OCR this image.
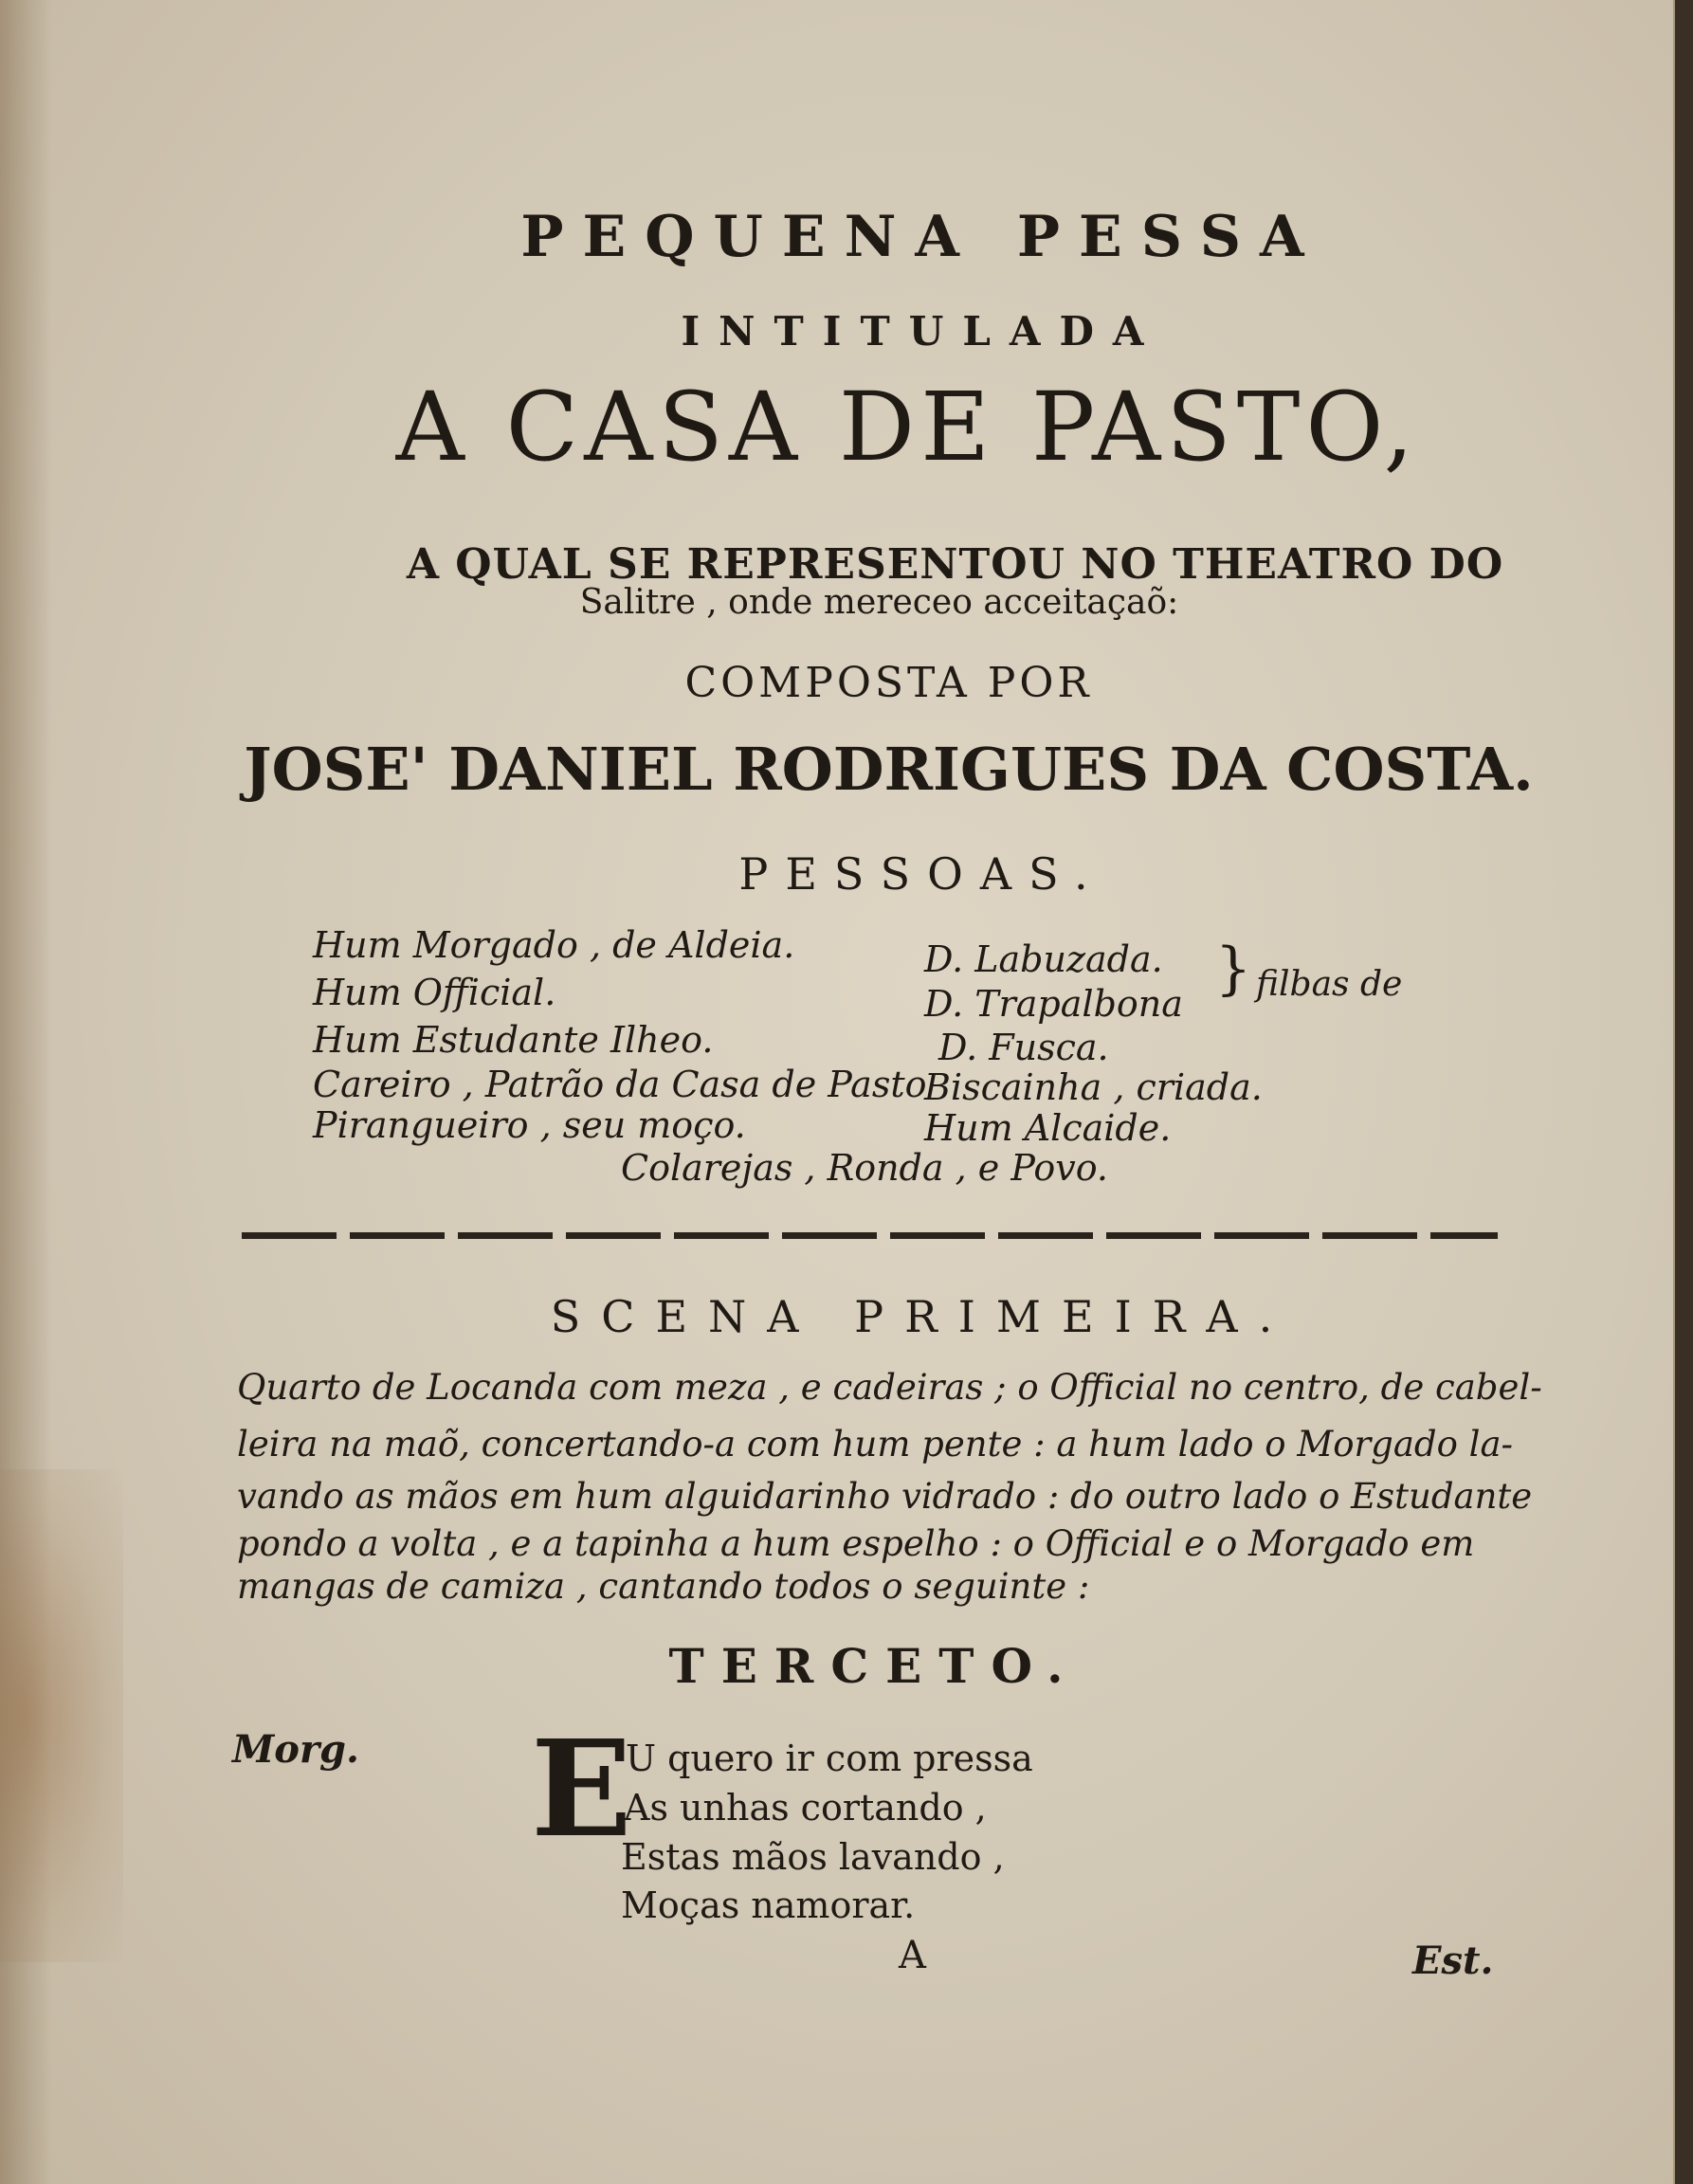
PEQUENA PESSA
INTITULADA
A CASA DE PASTO,
A QUAL SE REPRESENTOU NO THEATRO DO
Salitre , onde mereceo acceitaçaõ:
COMPOSTA POR
JOSE' DANIEL RODRIGUES DA COSTA.
PESSOAS.
Hum Morgado , de Aldeia.
Hum Official.
Hum Estudante Ilheo.
Careiro , Patrão da Casa de Pasto
Pirangueiro , seu moço.
D. Labuzada.
D. Trapalbona
D. Fusca.
Biscainha , criada.
Hum Alcaide.
} filbas de
Colarejas , Ronda , e Povo.
SCENA PRIMEIRA.
Quarto de Locanda com meza , e cadeiras ; o Official no centro, de cabel-
leira na maõ, concertando-a com hum pente : a hum lado o Morgado la-
vando as mãos em hum alguidarinho vidrado : do outro lado o Estudante
pondo a volta , e a tapinha a hum espelho : o Official e o Morgado em
mangas de camiza , cantando todos o seguinte :
TERCETO.
Morg. E
U quero ir com pressa
As unhas cortando ,
Estas mãos lavando ,
Moças namorar.
A	Est.
